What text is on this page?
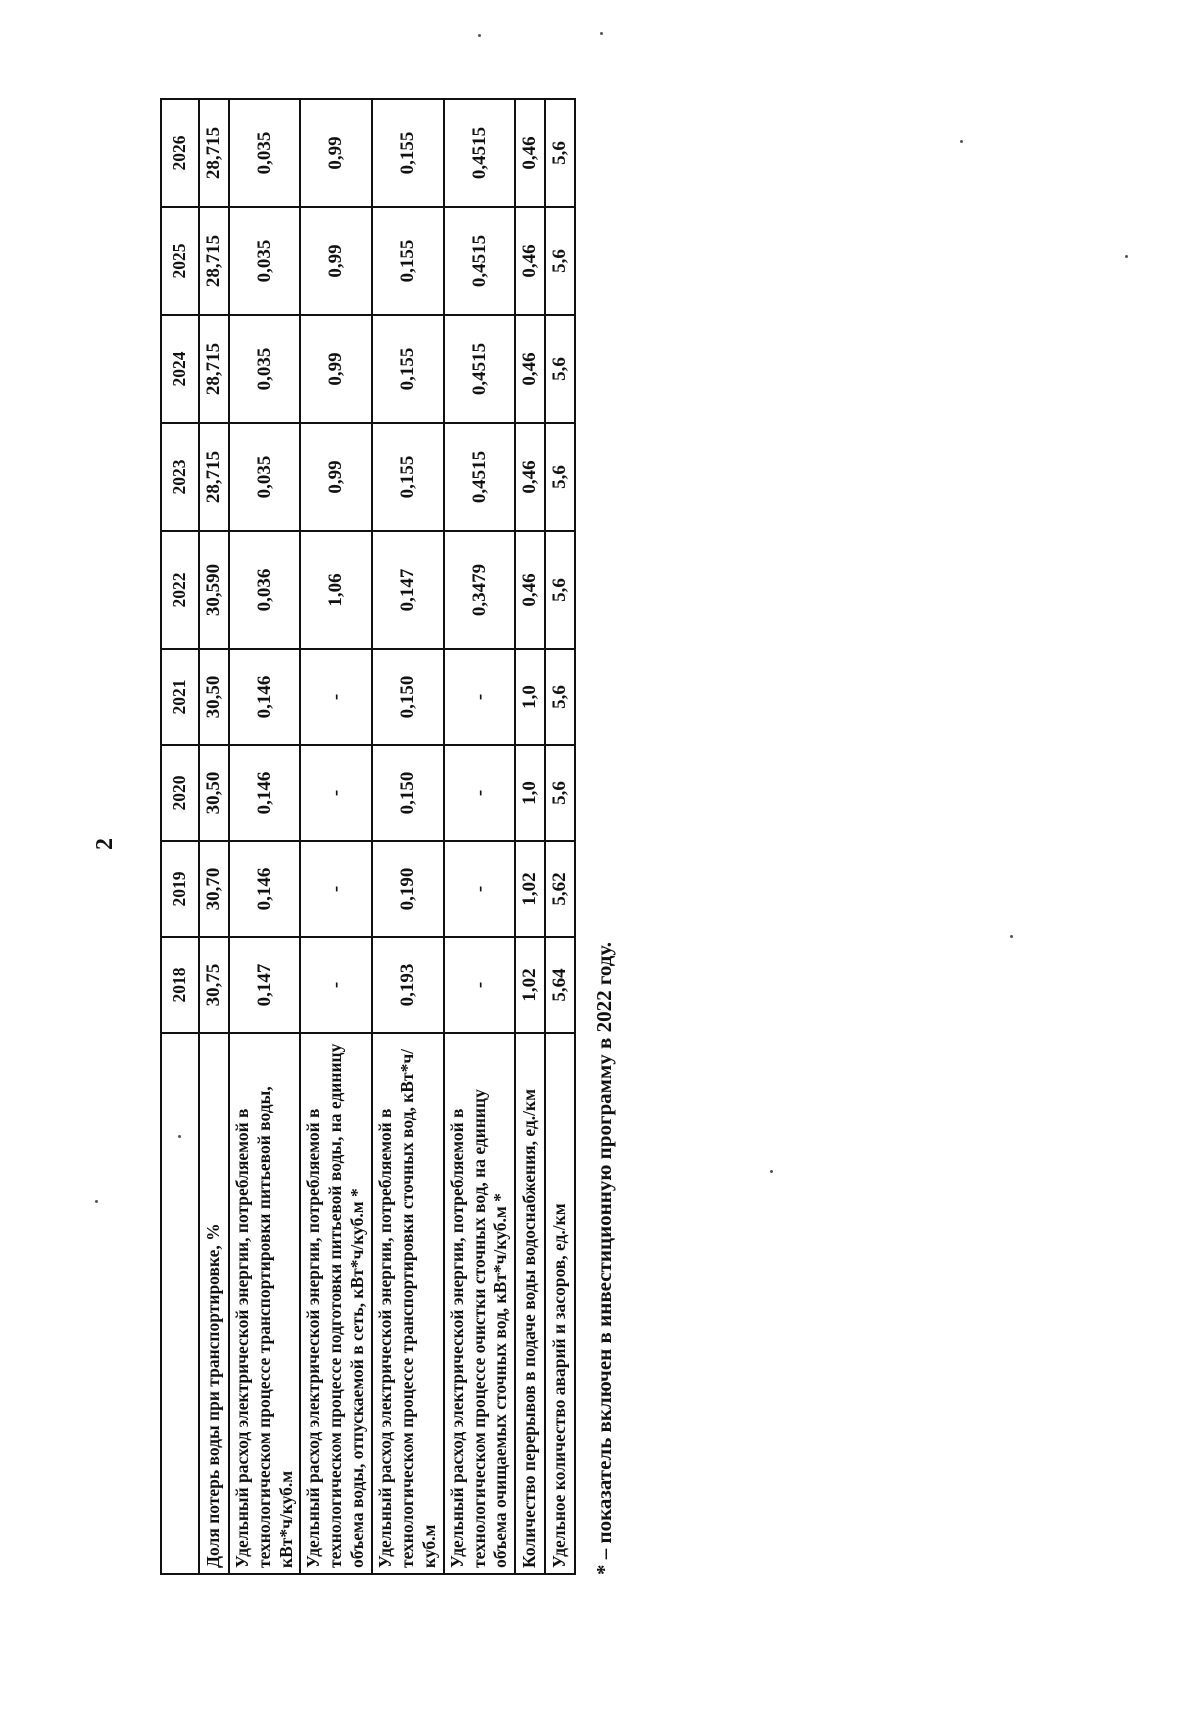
2
	2018	2019	2020	2021	2022	2023	2024	2025	2026
Доля потерь воды при транспортировке, %	30,75	30,70	30,50	30,50	30,590	28,715	28,715	28,715	28,715
Удельный расход электрической энергии, потребляемой в технологическом процессе транспортировки питьевой воды, кВт*ч/куб.м	0,147	0,146	0,146	0,146	0,036	0,035	0,035	0,035	0,035
Удельный расход электрической энергии, потребляемой в технологическом процессе подготовки питьевой воды, на единицу объема воды, отпускаемой в сеть, кВт*ч/куб.м *	-	-	-	-	1,06	0,99	0,99	0,99	0,99
Удельный расход электрической энергии, потребляемой в технологическом процессе транспортировки сточных вод, кВт*ч/куб.м	0,193	0,190	0,150	0,150	0,147	0,155	0,155	0,155	0,155
Удельный расход электрической энергии, потребляемой в технологическом процессе очистки сточных вод, на единицу объема очищаемых сточных вод, кВт*ч/куб.м *	-	-	-	-	0,3479	0,4515	0,4515	0,4515	0,4515
Количество перерывов в подаче воды водоснабжения, ед./км	1,02	1,02	1,0	1,0	0,46	0,46	0,46	0,46	0,46
Удельное количество аварий и засоров, ед./км	5,64	5,62	5,6	5,6	5,6	5,6	5,6	5,6	5,6
* – показатель включен в инвестиционную программу в 2022 году.
